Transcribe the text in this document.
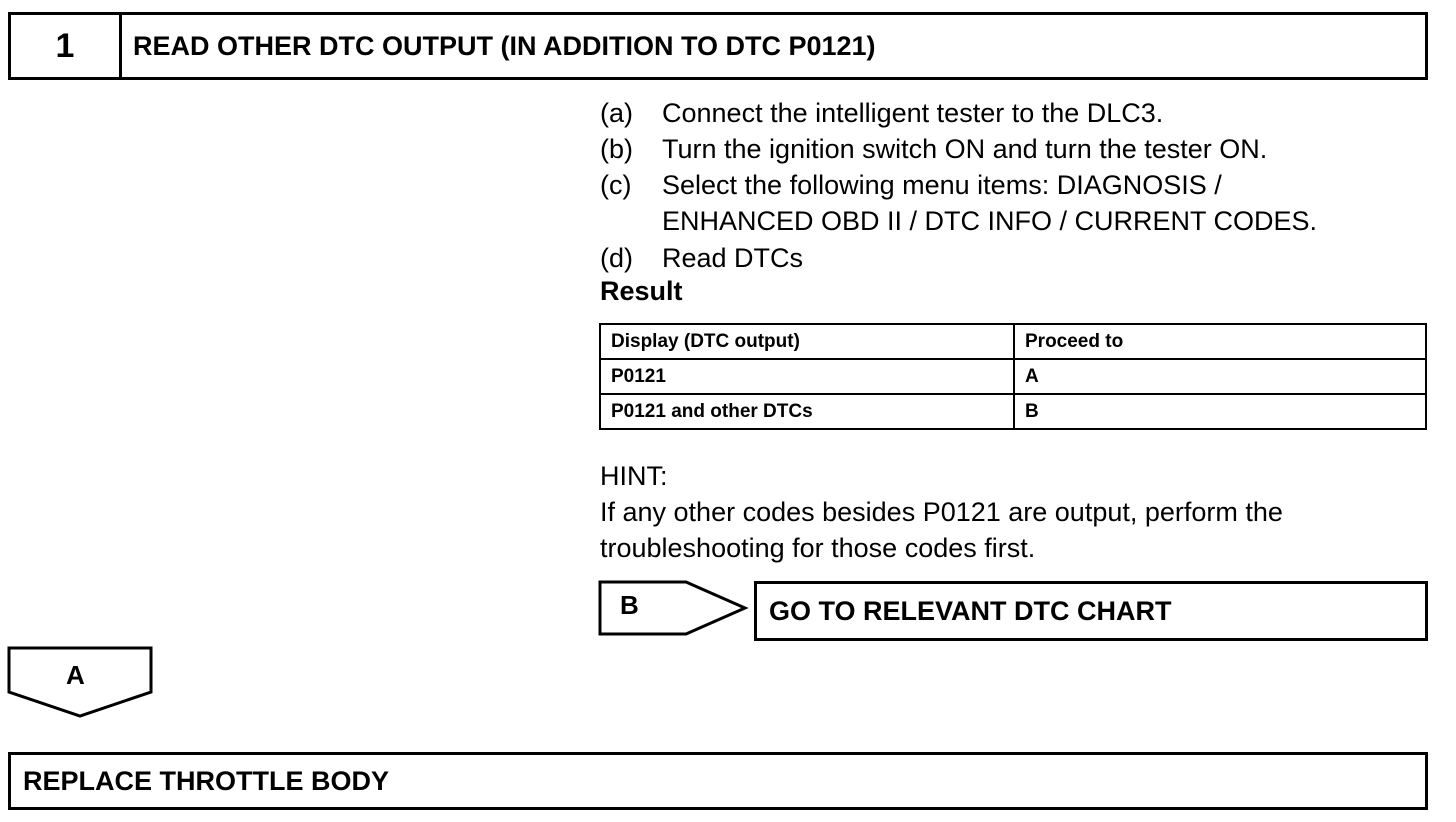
1	READ OTHER DTC OUTPUT (IN ADDITION TO DTC P0121)
(a) Connect the intelligent tester to the DLC3.
(b) Turn the ignition switch ON and turn the tester ON.
(c) Select the following menu items: DIAGNOSIS /
ENHANCED OBD II / DTC INFO / CURRENT CODES.
(d) Read DTCs
Result
Display (DTC output)	Proceed to
P0121	A
P0121 and other DTCs	B
HINT:
If any other codes besides P0121 are output, perform the
troubleshooting for those codes first.
B	GO TO RELEVANT DTC CHART
A
REPLACE THROTTLE BODY
